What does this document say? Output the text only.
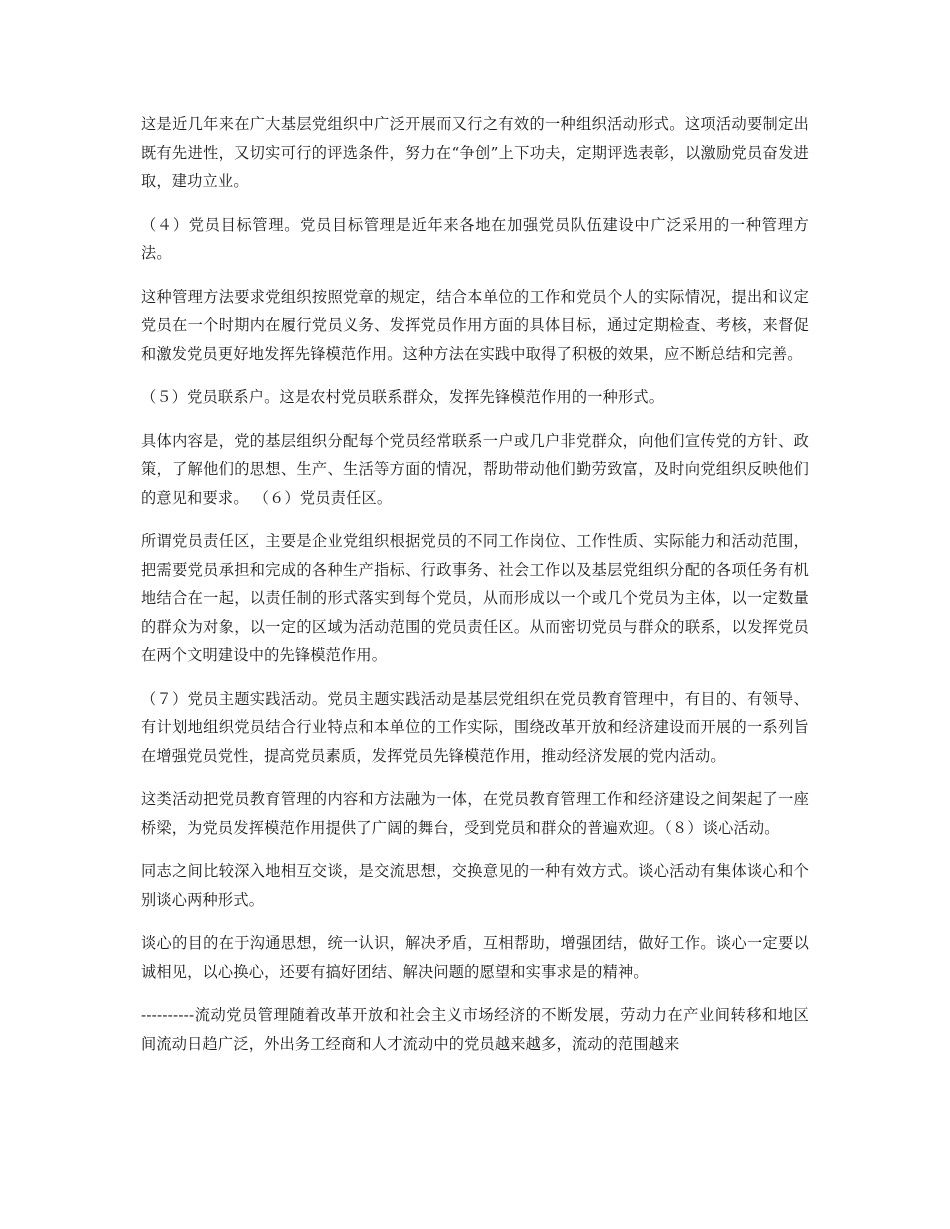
这是近几年来在广大基层党组织中广泛开展而又行之有效的一种组织活动形式。这项活动要制定出既有先进性，又切实可行的评选条件，努力在“争创”上下功夫，定期评选表彰，以激励党员奋发进取，建功立业。

（４）党员目标管理。党员目标管理是近年来各地在加强党员队伍建设中广泛采用的一种管理方法。

这种管理方法要求党组织按照党章的规定，结合本单位的工作和党员个人的实际情况，提出和议定党员在一个时期内在履行党员义务、发挥党员作用方面的具体目标，通过定期检查、考核，来督促和激发党员更好地发挥先锋模范作用。这种方法在实践中取得了积极的效果，应不断总结和完善。

（５）党员联系户。这是农村党员联系群众，发挥先锋模范作用的一种形式。

具体内容是，党的基层组织分配每个党员经常联系一户或几户非党群众，向他们宣传党的方针、政策，了解他们的思想、生产、生活等方面的情况，帮助带动他们勤劳致富，及时向党组织反映他们的意见和要求。 （６）党员责任区。

所谓党员责任区，主要是企业党组织根据党员的不同工作岗位、工作性质、实际能力和活动范围，把需要党员承担和完成的各种生产指标、行政事务、社会工作以及基层党组织分配的各项任务有机地结合在一起，以责任制的形式落实到每个党员，从而形成以一个或几个党员为主体，以一定数量的群众为对象，以一定的区域为活动范围的党员责任区。从而密切党员与群众的联系，以发挥党员在两个文明建设中的先锋模范作用。

（７）党员主题实践活动。党员主题实践活动是基层党组织在党员教育管理中，有目的、有领导、有计划地组织党员结合行业特点和本单位的工作实际，围绕改革开放和经济建设而开展的一系列旨在增强党员党性，提高党员素质，发挥党员先锋模范作用，推动经济发展的党内活动。

这类活动把党员教育管理的内容和方法融为一体，在党员教育管理工作和经济建设之间架起了一座桥梁，为党员发挥模范作用提供了广阔的舞台，受到党员和群众的普遍欢迎。（８）谈心活动。

同志之间比较深入地相互交谈，是交流思想，交换意见的一种有效方式。谈心活动有集体谈心和个别谈心两种形式。

谈心的目的在于沟通思想，统一认识，解决矛盾，互相帮助，增强团结，做好工作。谈心一定要以诚相见，以心换心，还要有搞好团结、解决问题的愿望和实事求是的精神。

----------流动党员管理随着改革开放和社会主义市场经济的不断发展，劳动力在产业间转移和地区间流动日趋广泛，外出务工经商和人才流动中的党员越来越多，流动的范围越来
